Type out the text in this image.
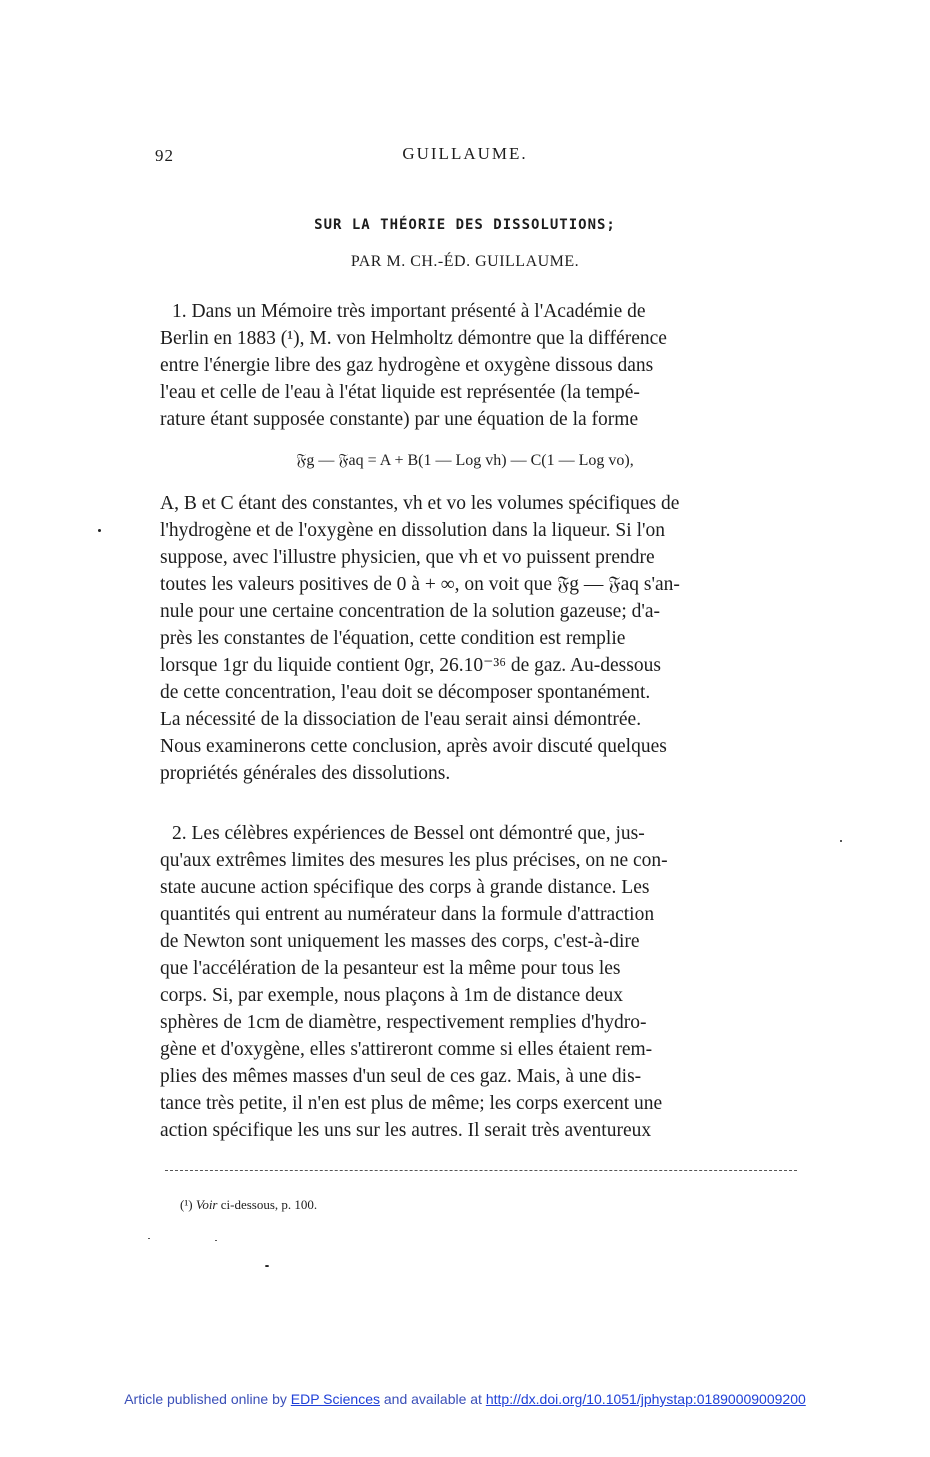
92	GUILLAUME.
SUR LA THÉORIE DES DISSOLUTIONS;
PAR M. CH.-ÉD. GUILLAUME.
1. Dans un Mémoire très important présenté à l'Académie de
Berlin en 1883 (¹), M. von Helmholtz démontre que la différence
entre l'énergie libre des gaz hydrogène et oxygène dissous dans
l'eau et celle de l'eau à l'état liquide est représentée (la tempé-
rature étant supposée constante) par une équation de la forme
𝔉g — 𝔉aq = A + B(1 — Log vh) — C(1 — Log vo),
A, B et C étant des constantes, vh et vo les volumes spécifiques de
l'hydrogène et de l'oxygène en dissolution dans la liqueur. Si l'on
suppose, avec l'illustre physicien, que vh et vo puissent prendre
toutes les valeurs positives de 0 à + ∞, on voit que 𝔉g — 𝔉aq s'an-
nule pour une certaine concentration de la solution gazeuse; d'a-
près les constantes de l'équation, cette condition est remplie
lorsque 1gr du liquide contient 0gr, 26.10⁻³⁶ de gaz. Au-dessous
de cette concentration, l'eau doit se décomposer spontanément.
La nécessité de la dissociation de l'eau serait ainsi démontrée.
Nous examinerons cette conclusion, après avoir discuté quelques
propriétés générales des dissolutions.
2. Les célèbres expériences de Bessel ont démontré que, jus-
qu'aux extrêmes limites des mesures les plus précises, on ne con-
state aucune action spécifique des corps à grande distance. Les
quantités qui entrent au numérateur dans la formule d'attraction
de Newton sont uniquement les masses des corps, c'est-à-dire
que l'accélération de la pesanteur est la même pour tous les
corps. Si, par exemple, nous plaçons à 1m de distance deux
sphères de 1cm de diamètre, respectivement remplies d'hydro-
gène et d'oxygène, elles s'attireront comme si elles étaient rem-
plies des mêmes masses d'un seul de ces gaz. Mais, à une dis-
tance très petite, il n'en est plus de même; les corps exercent une
action spécifique les uns sur les autres. Il serait très aventureux
(¹) Voir ci-dessous, p. 100.
Article published online by EDP Sciences and available at http://dx.doi.org/10.1051/jphystap:01890009009200
